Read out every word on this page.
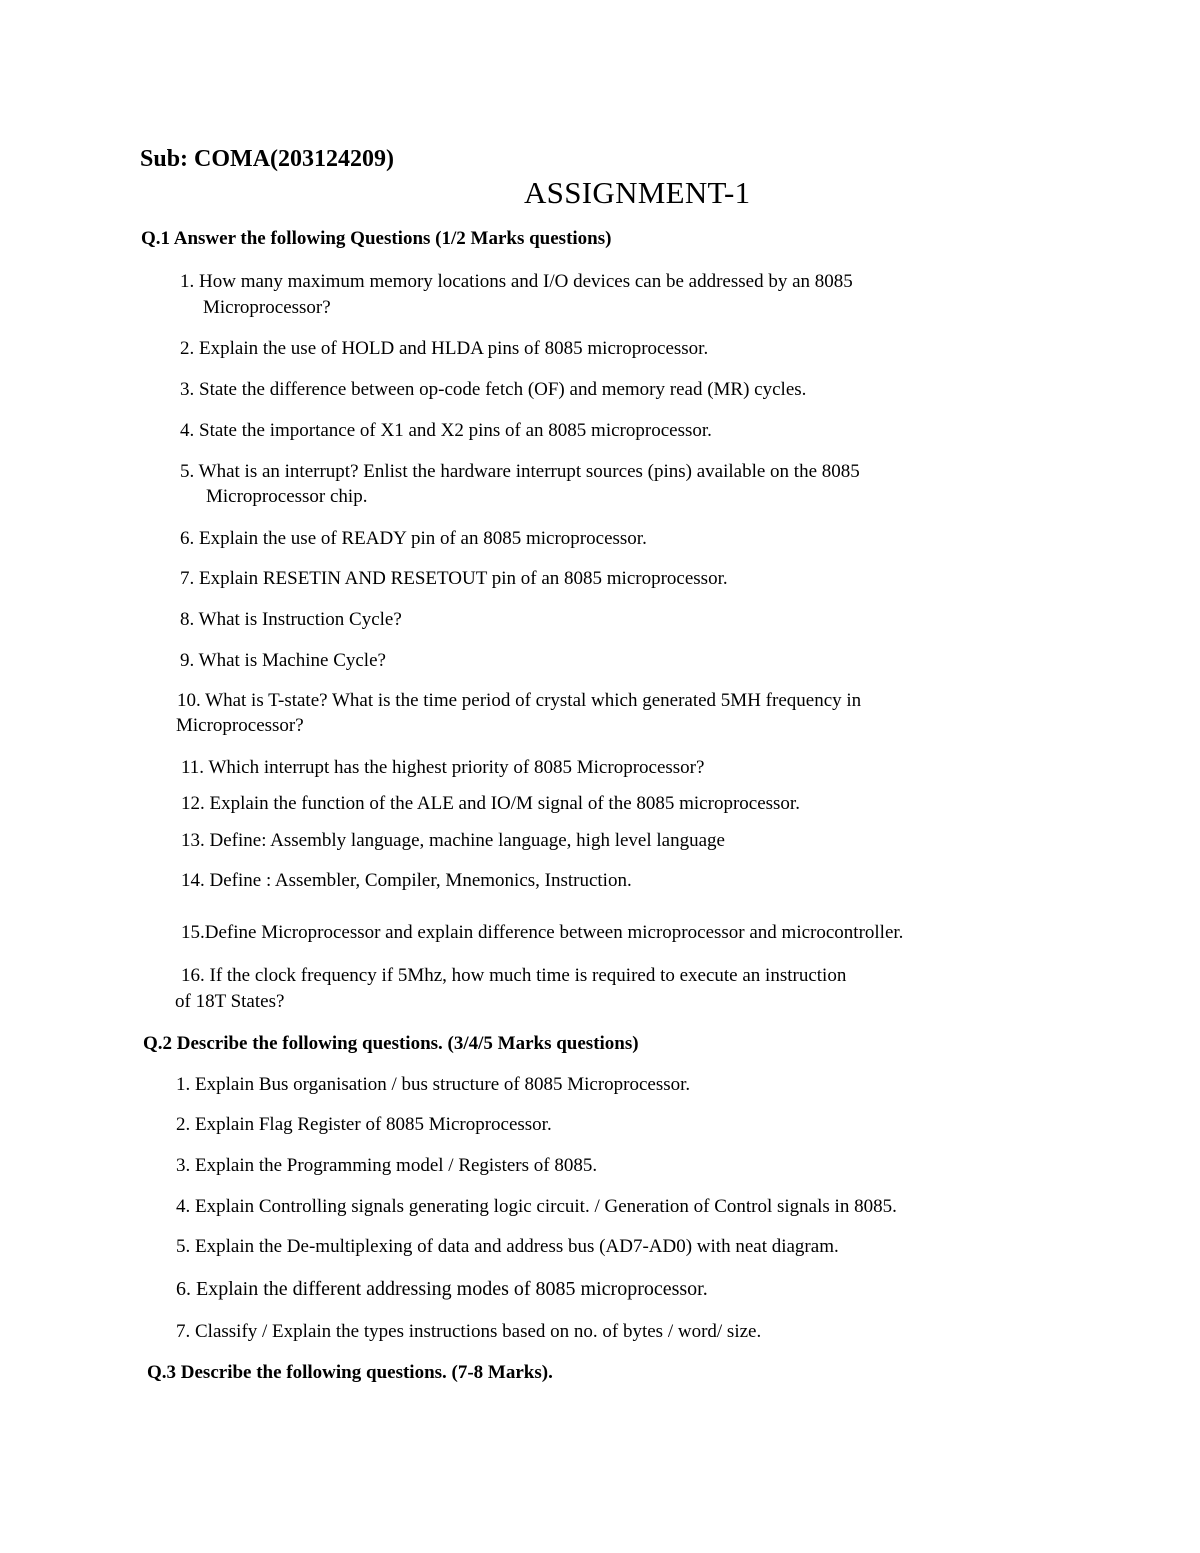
Sub: COMA(203124209)
ASSIGNMENT-1
Q.1 Answer the following Questions (1/2 Marks questions)
1. How many maximum memory locations and I/O devices can be addressed by an 8085
Microprocessor?
2. Explain the use of HOLD and HLDA pins of 8085 microprocessor.
3. State the difference between op-code fetch (OF) and memory read (MR) cycles.
4. State the importance of X1 and X2 pins of an 8085 microprocessor.
5. What is an interrupt? Enlist the hardware interrupt sources (pins) available on the 8085
Microprocessor chip.
6. Explain the use of READY pin of an 8085 microprocessor.
7. Explain RESETIN AND RESETOUT pin of an 8085 microprocessor.
8. What is Instruction Cycle?
9. What is Machine Cycle?
10. What is T-state? What is the time period of crystal which generated 5MH frequency in
Microprocessor?
11. Which interrupt has the highest priority of 8085 Microprocessor?
12. Explain the function of the ALE and IO/M signal of the 8085 microprocessor.
13. Define: Assembly language, machine language, high level language
14. Define : Assembler, Compiler, Mnemonics, Instruction.
15.Define Microprocessor and explain difference between microprocessor and microcontroller.
16. If the clock frequency if 5Mhz, how much time is required to execute an instruction
of 18T States?
Q.2 Describe the following questions. (3/4/5 Marks questions)
1. Explain Bus organisation / bus structure of 8085 Microprocessor.
2. Explain Flag Register of 8085 Microprocessor.
3. Explain the Programming model / Registers of 8085.
4. Explain Controlling signals generating logic circuit. / Generation of Control signals in 8085.
5. Explain the De-multiplexing of data and address bus (AD7-AD0) with neat diagram.
6. Explain the different addressing modes of 8085 microprocessor.
7. Classify / Explain the types instructions based on no. of bytes / word/ size.
Q.3 Describe the following questions. (7-8 Marks).
